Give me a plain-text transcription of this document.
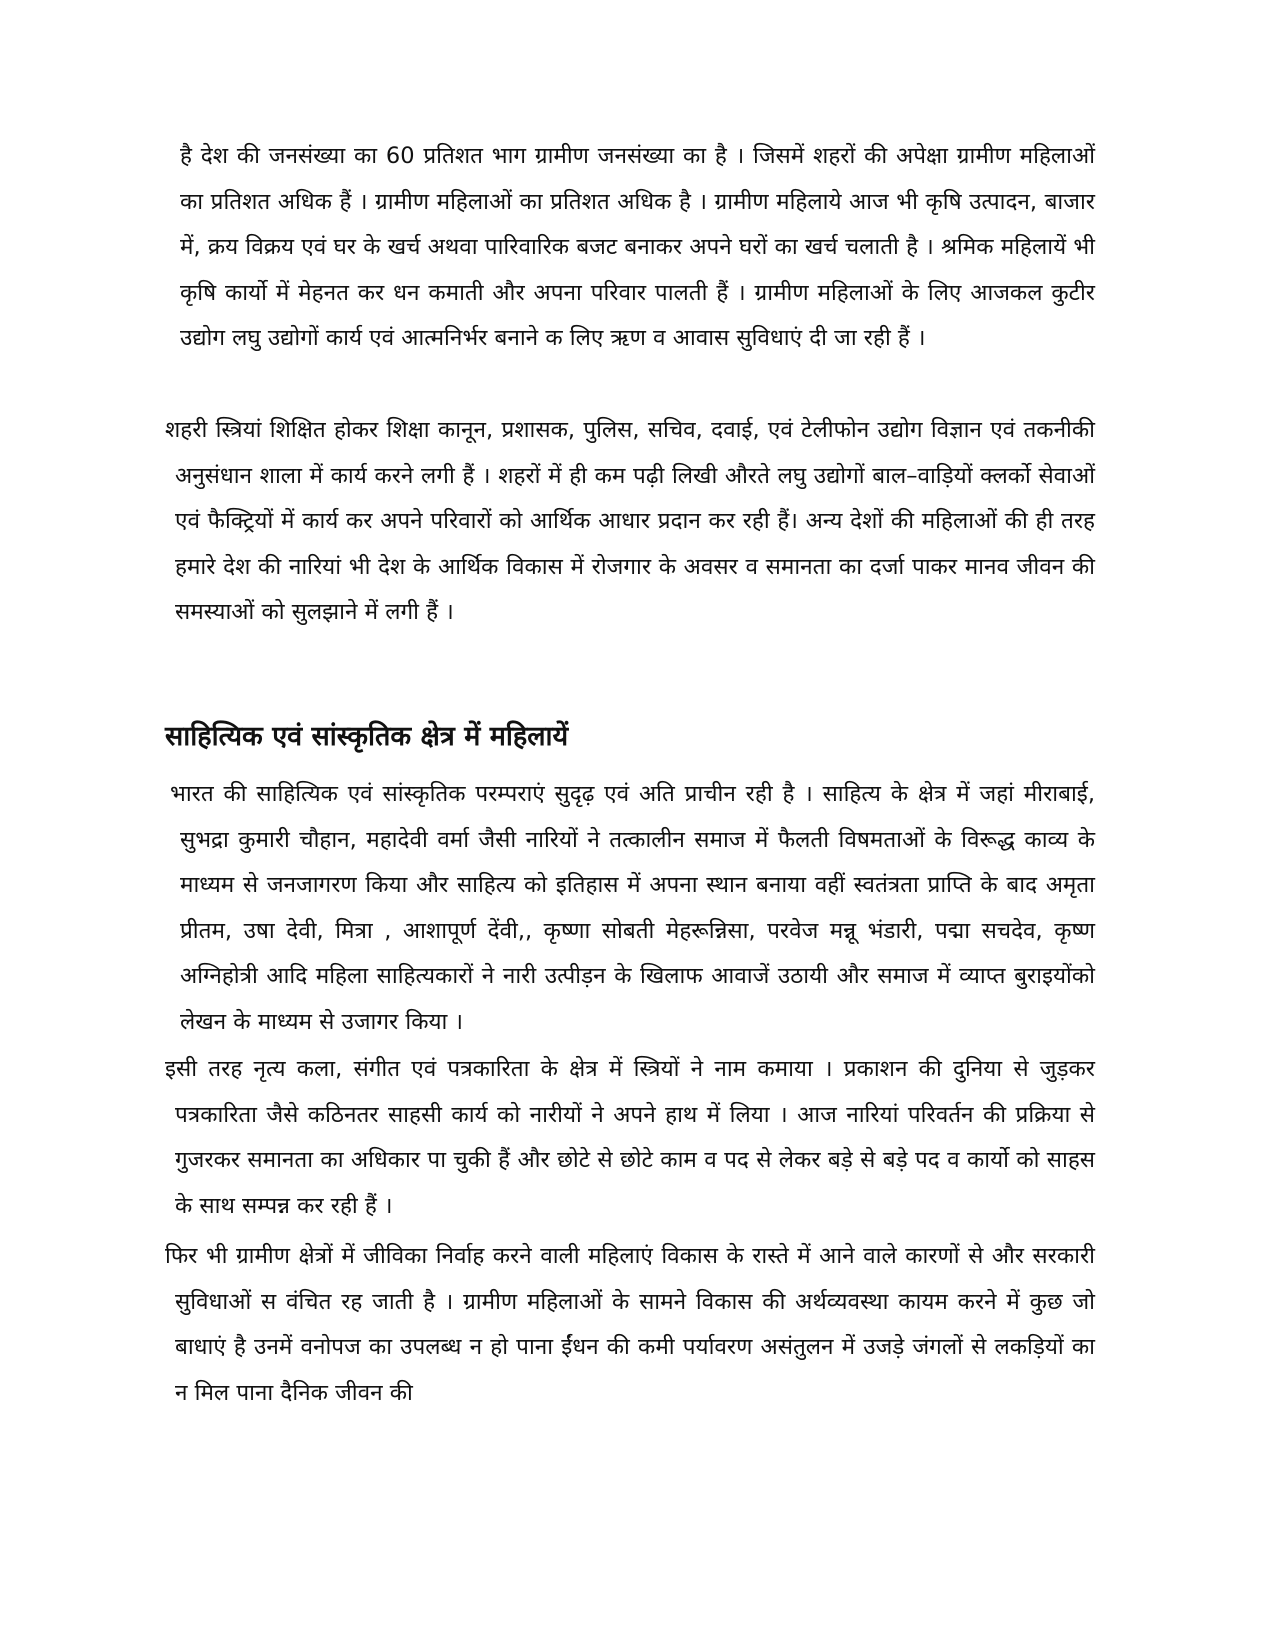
है देश की जनसंख्या का 60 प्रतिशत भाग ग्रामीण जनसंख्या का है । जिसमें शहरों की अपेक्षा ग्रामीण महिलाओं का प्रतिशत अधिक हैं । ग्रामीण महिलाओं का प्रतिशत अधिक है । ग्रामीण महिलाये आज भी कृषि उत्पादन, बाजार में, क्रय विक्रय एवं घर के खर्च अथवा पारिवारिक बजट बनाकर अपने घरों का खर्च चलाती है । श्रमिक महिलायें भी कृषि कार्यो में मेहनत कर धन कमाती और अपना परिवार पालती हैं । ग्रामीण महिलाओं के लिए आजकल कुटीर उद्योग लघु उद्योगों कार्य एवं आत्मनिर्भर बनाने क लिए ऋण व आवास सुविधाएं दी जा रही हैं ।

शहरी स्त्रियां शिक्षित होकर शिक्षा कानून, प्रशासक, पुलिस, सचिव, दवाई, एवं टेलीफोन उद्योग विज्ञान एवं तकनीकी अनुसंधान शाला में कार्य करने लगी हैं । शहरों में ही कम पढ़ी लिखी औरते लघु उद्योगों बाल–वाड़ियों क्लर्को सेवाओं एवं फैक्ट्रियों में कार्य कर अपने परिवारों को आर्थिक आधार प्रदान कर रही हैं। अन्य देशों की महिलाओं की ही तरह हमारे देश की नारियां भी देश के आर्थिक विकास में रोजगार के अवसर व समानता का दर्जा पाकर मानव जीवन की समस्याओं को सुलझाने में लगी हैं ।

साहित्यिक एवं सांस्कृतिक क्षेत्र में महिलायें

भारत की साहित्यिक एवं सांस्कृतिक परम्पराएं सुदृढ़ एवं अति प्राचीन रही है । साहित्य के क्षेत्र में जहां मीराबाई, सुभद्रा कुमारी चौहान, महादेवी वर्मा जैसी नारियों ने तत्कालीन समाज में फैलती विषमताओं के विरूद्ध काव्य के माध्यम से जनजागरण किया और साहित्य को इतिहास में अपना स्थान बनाया वहीं स्वतंत्रता प्राप्ति के बाद अमृता प्रीतम, उषा देवी, मित्रा , आशापूर्ण देंवी,, कृष्णा सोबती मेहरून्निसा, परवेज मन्नू भंडारी, पद्मा सचदेव, कृष्ण अग्निहोत्री आदि महिला साहित्यकारों ने नारी उत्पीड़न के खिलाफ आवाजें उठायी और समाज में व्याप्त बुराइयोंको लेखन के माध्यम से उजागर किया ।

इसी तरह नृत्य कला, संगीत एवं पत्रकारिता के क्षेत्र में स्त्रियों ने नाम कमाया । प्रकाशन की दुनिया से जुड़कर पत्रकारिता जैसे कठिनतर साहसी कार्य को नारीयों ने अपने हाथ में लिया । आज नारियां परिवर्तन की प्रक्रिया से गुजरकर समानता का अधिकार पा चुकी हैं और छोटे से छोटे काम व पद से लेकर बड़े से बड़े पद व कार्यो को साहस के साथ सम्पन्न कर रही हैं ।

फिर भी ग्रामीण क्षेत्रों में जीविका निर्वाह करने वाली महिलाएं विकास के रास्ते में आने वाले कारणों से और सरकारी सुविधाओं स वंचित रह जाती है । ग्रामीण महिलाओं के सामने विकास की अर्थव्यवस्था कायम करने में कुछ जो बाधाएं है उनमें वनोपज का उपलब्ध न हो पाना ईंधन की कमी पर्यावरण असंतुलन में उजड़े जंगलों से लकड़ियों का न मिल पाना दैनिक जीवन की
